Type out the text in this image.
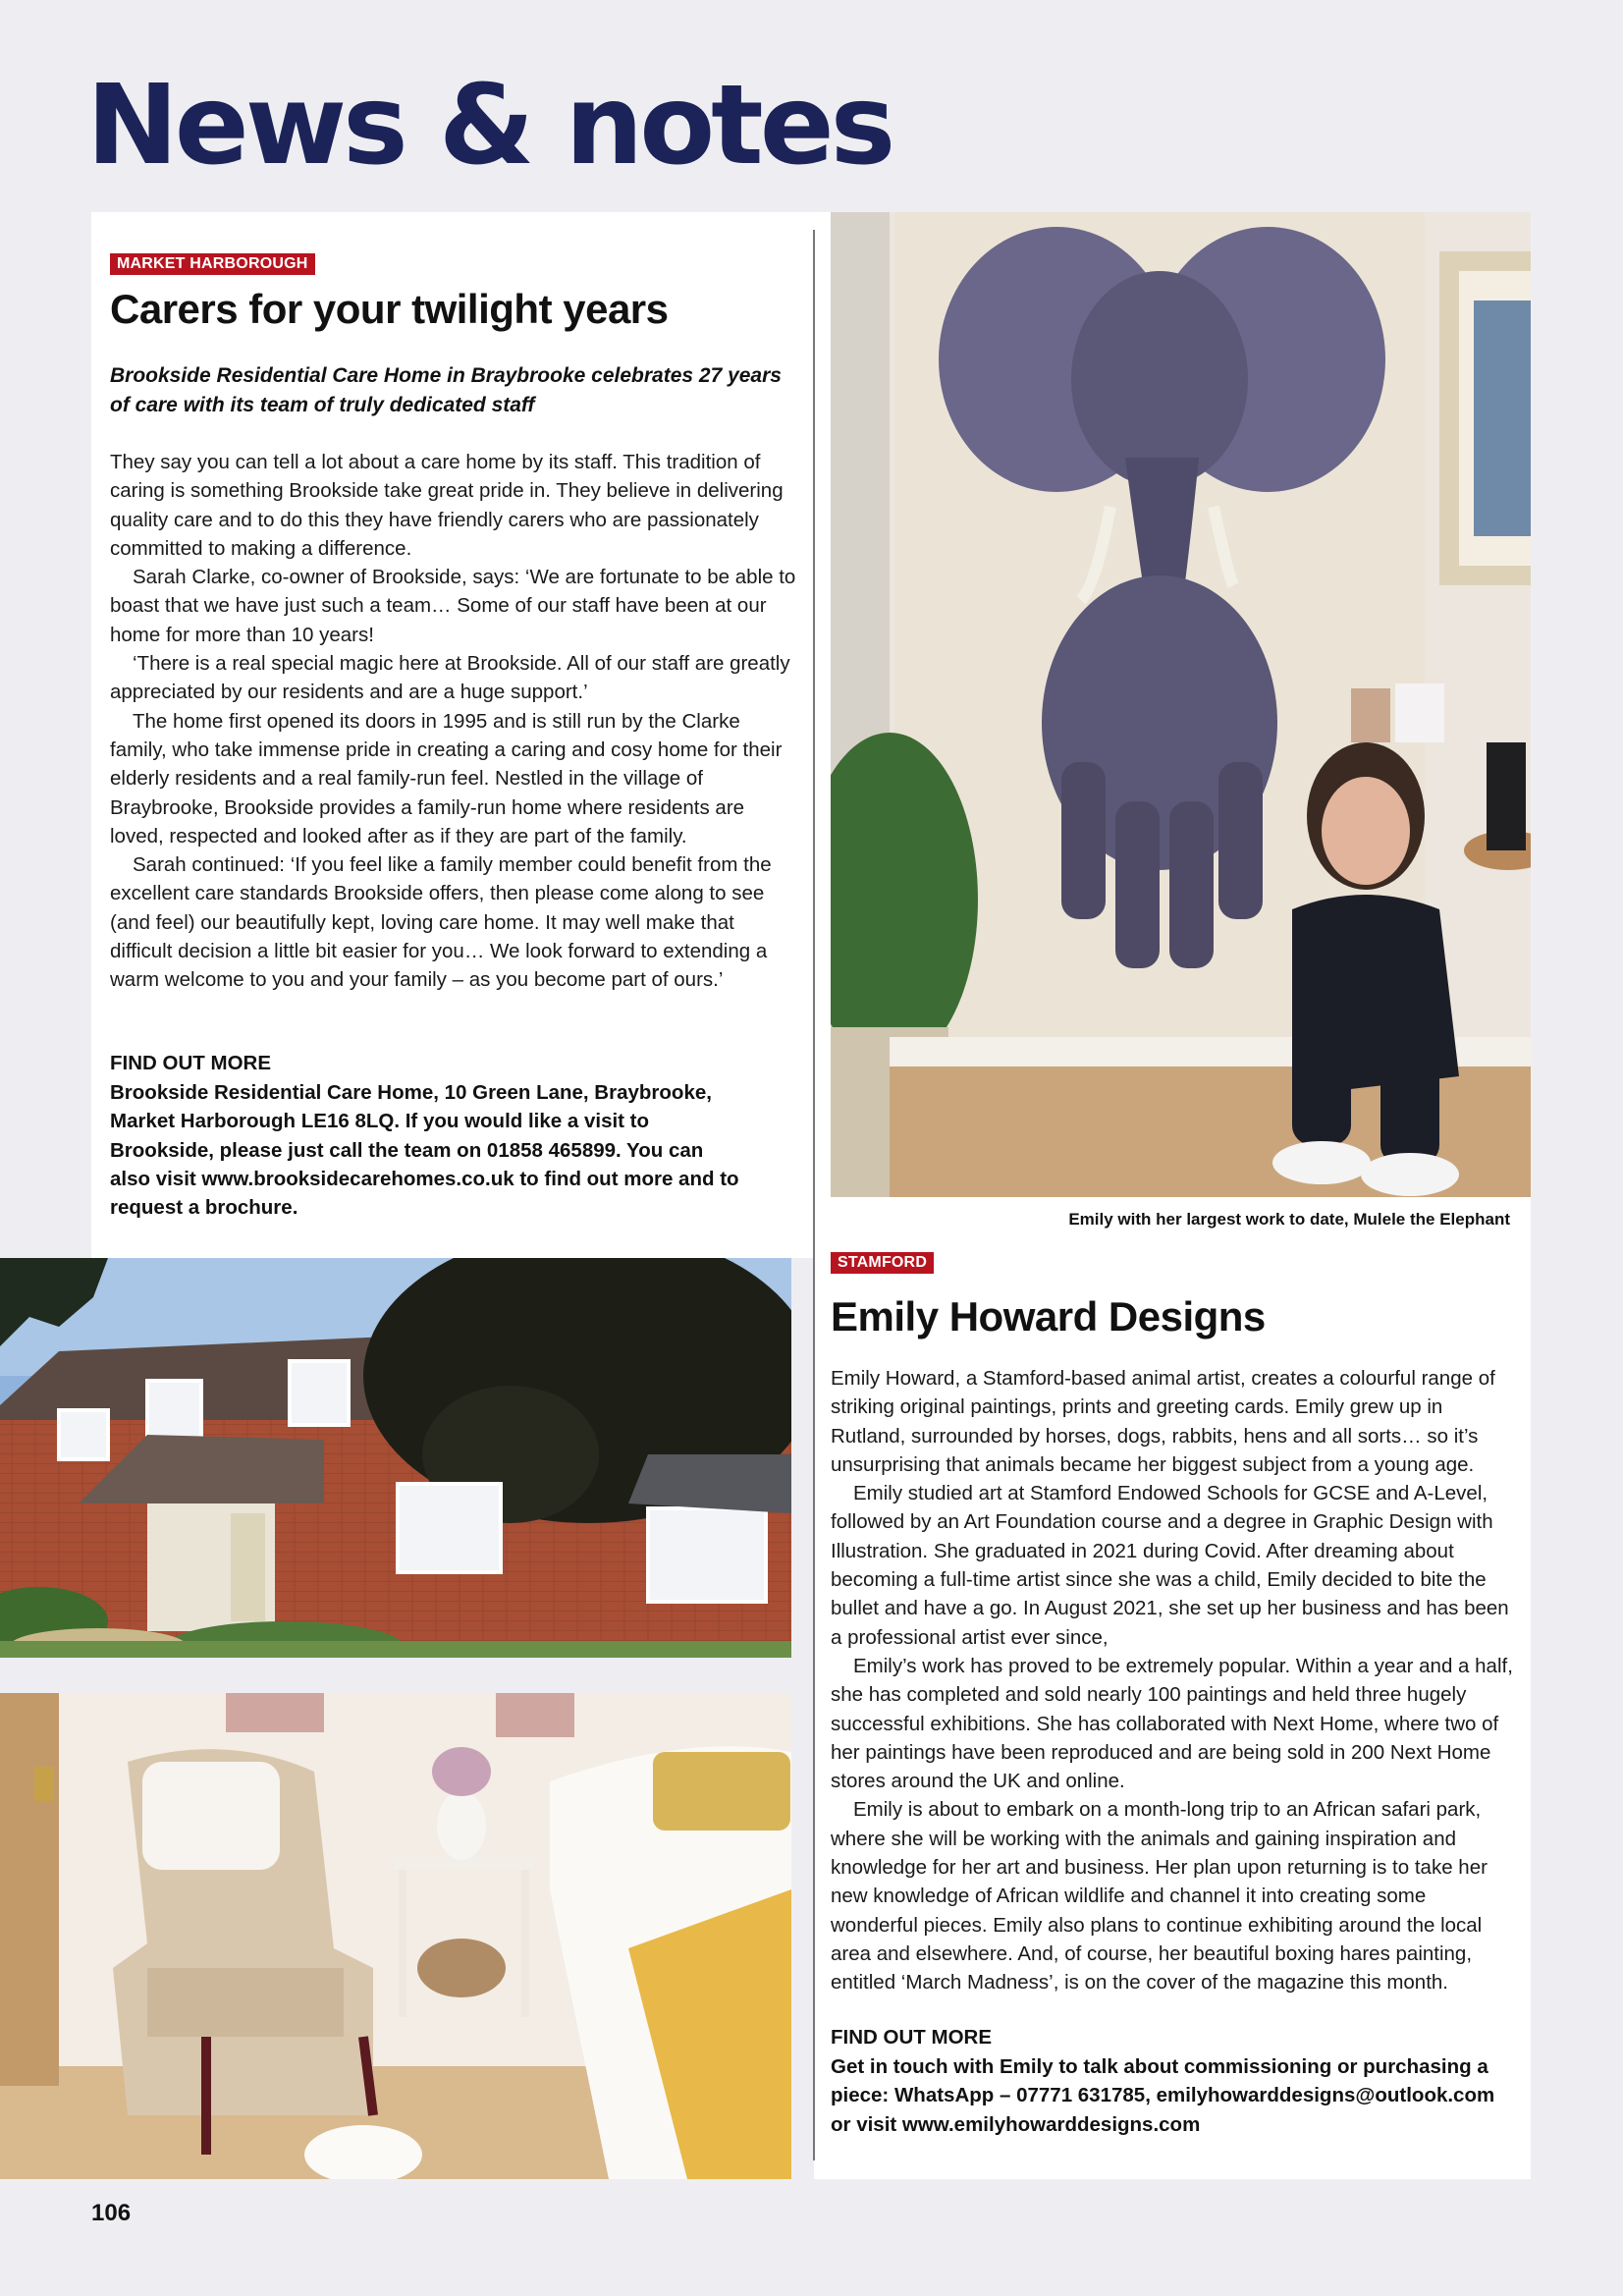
News & notes
MARKET HARBOROUGH
Carers for your twilight years
Brookside Residential Care Home in Braybrooke celebrates 27 years of care with its team of truly dedicated staff

They say you can tell a lot about a care home by its staff. This tradition of caring is something Brookside take great pride in. They believe in delivering quality care and to do this they have friendly carers who are passionately committed to making a difference.

Sarah Clarke, co-owner of Brookside, says: ‘We are fortunate to be able to boast that we have just such a team… Some of our staff have been at our home for more than 10 years!

‘There is a real special magic here at Brookside. All of our staff are greatly appreciated by our residents and are a huge support.’

The home first opened its doors in 1995 and is still run by the Clarke family, who take immense pride in creating a caring and cosy home for their elderly residents and a real family-run feel. Nestled in the village of Braybrooke, Brookside provides a family-run home where residents are loved, respected and looked after as if they are part of the family.

Sarah continued: ‘If you feel like a family member could benefit from the excellent care standards Brookside offers, then please come along to see (and feel) our beautifully kept, loving care home. It may well make that difficult decision a little bit easier for you… We look forward to extending a warm welcome to you and your family – as you become part of ours.’

FIND OUT MORE
Brookside Residential Care Home, 10 Green Lane, Braybrooke, Market Harborough LE16 8LQ. If you would like a visit to Brookside, please just call the team on 01858 465899. You can also visit www.brooksidecarehomes.co.uk to find out more and to request a brochure.
Emily with her largest work to date, Mulele the Elephant
STAMFORD
Emily Howard Designs

Emily Howard, a Stamford-based animal artist, creates a colourful range of striking original paintings, prints and greeting cards. Emily grew up in Rutland, surrounded by horses, dogs, rabbits, hens and all sorts… so it’s unsurprising that animals became her biggest subject from a young age.

Emily studied art at Stamford Endowed Schools for GCSE and A-Level, followed by an Art Foundation course and a degree in Graphic Design with Illustration. She graduated in 2021 during Covid. After dreaming about becoming a full-time artist since she was a child, Emily decided to bite the bullet and have a go. In August 2021, she set up her business and has been a professional artist ever since,

Emily’s work has proved to be extremely popular. Within a year and a half, she has completed and sold nearly 100 paintings and held three hugely successful exhibitions. She has collaborated with Next Home, where two of her paintings have been reproduced and are being sold in 200 Next Home stores around the UK and online.

Emily is about to embark on a month-long trip to an African safari park, where she will be working with the animals and gaining inspiration and knowledge for her art and business. Her plan upon returning is to take her new knowledge of African wildlife and channel it into creating some wonderful pieces. Emily also plans to continue exhibiting around the local area and elsewhere. And, of course, her beautiful boxing hares painting, entitled ‘March Madness’, is on the cover of the magazine this month.

FIND OUT MORE
Get in touch with Emily to talk about commissioning or purchasing a piece: WhatsApp – 07771 631785, emilyhowarddesigns@outlook.com or visit www.emilyhowarddesigns.com
106
